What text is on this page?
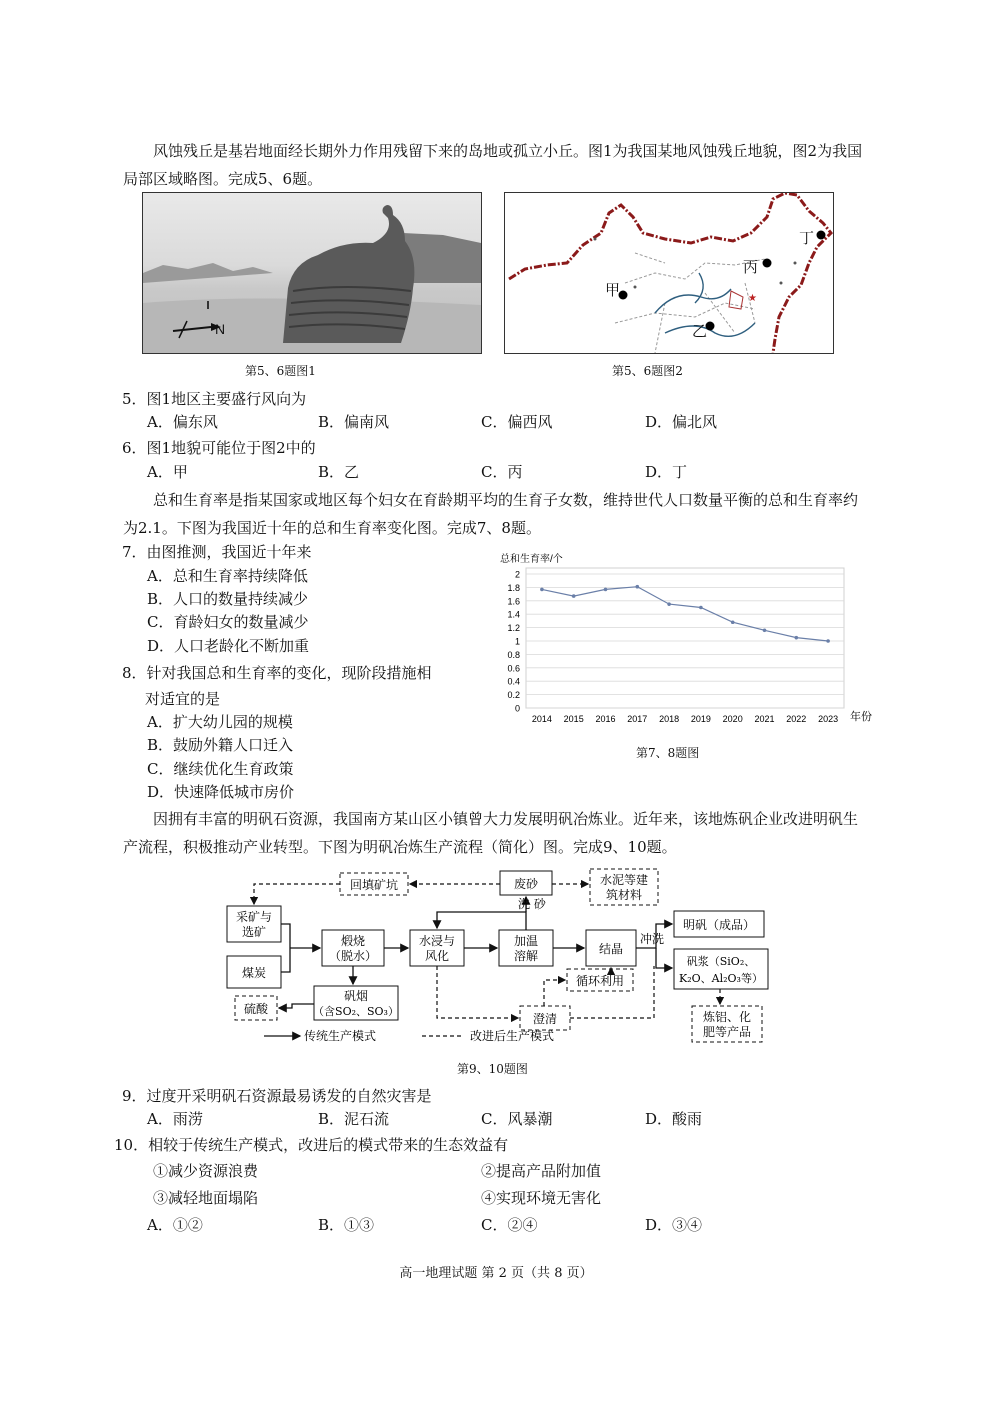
风蚀残丘是基岩地面经长期外力作用残留下来的岛地或孤立小丘。图1为我国某地风蚀残丘地貌，图2为我国局部区域略图。完成5、6题。
N
第5、6题图1
★
甲
乙
丙
丁
第5、6题图2
5．图1地区主要盛行风向为
A．偏东风	B．偏南风	C．偏西风	D．偏北风
6．图1地貌可能位于图2中的
A．甲	B．乙	C．丙	D．丁
总和生育率是指某国家或地区每个妇女在育龄期平均的生育子女数，维持世代人口数量平衡的总和生育率约为2.1。下图为我国近十年的总和生育率变化图。完成7、8题。
7．由图推测，我国近十年来
A．总和生育率持续降低
B．人口的数量持续减少
C．育龄妇女的数量减少
D．人口老龄化不断加重
8．针对我国总和生育率的变化，现阶段措施相
对适宜的是
A．扩大幼儿园的规模
B．鼓励外籍人口迁入
C．继续优化生育政策
D．快速降低城市房价
总和生育率/个
年份
0
0.2
0.4
0.6
0.8
1
1.2
1.4
1.6
1.8
2
2014 2015 2016 2017 2018 2019 2020 2021 2022 2023
第7、8题图
因拥有丰富的明矾石资源，我国南方某山区小镇曾大力发展明矾冶炼业。近年来，该地炼矾企业改进明矾生产流程，积极推动产业转型。下图为明矾冶炼生产流程（简化）图。完成9、10题。
采矿与
选矿
煤炭
煅烧
（脱水）
水浸与
风化
加温
溶解	结晶
明矾（成品）
矾浆（SiO₂、
K₂O、Al₂O₃等）
废砂	水泥等建
筑材料
回填矿坑
矾烟
（含SO₂、SO₃）
硫酸
循环利用
澄清	炼铝、化
肥等产品
洗 砂
冲洗
传统生产模式	改进后生产模式
第9、10题图
9．过度开采明矾石资源最易诱发的自然灾害是
A．雨涝	B．泥石流	C．风暴潮	D．酸雨
10．相较于传统生产模式，改进后的模式带来的生态效益有
①减少资源浪费	②提高产品附加值
③减轻地面塌陷	④实现环境无害化
A．①②	B．①③	C．②④	D．③④
高一地理试题 第 2 页（共 8 页）
